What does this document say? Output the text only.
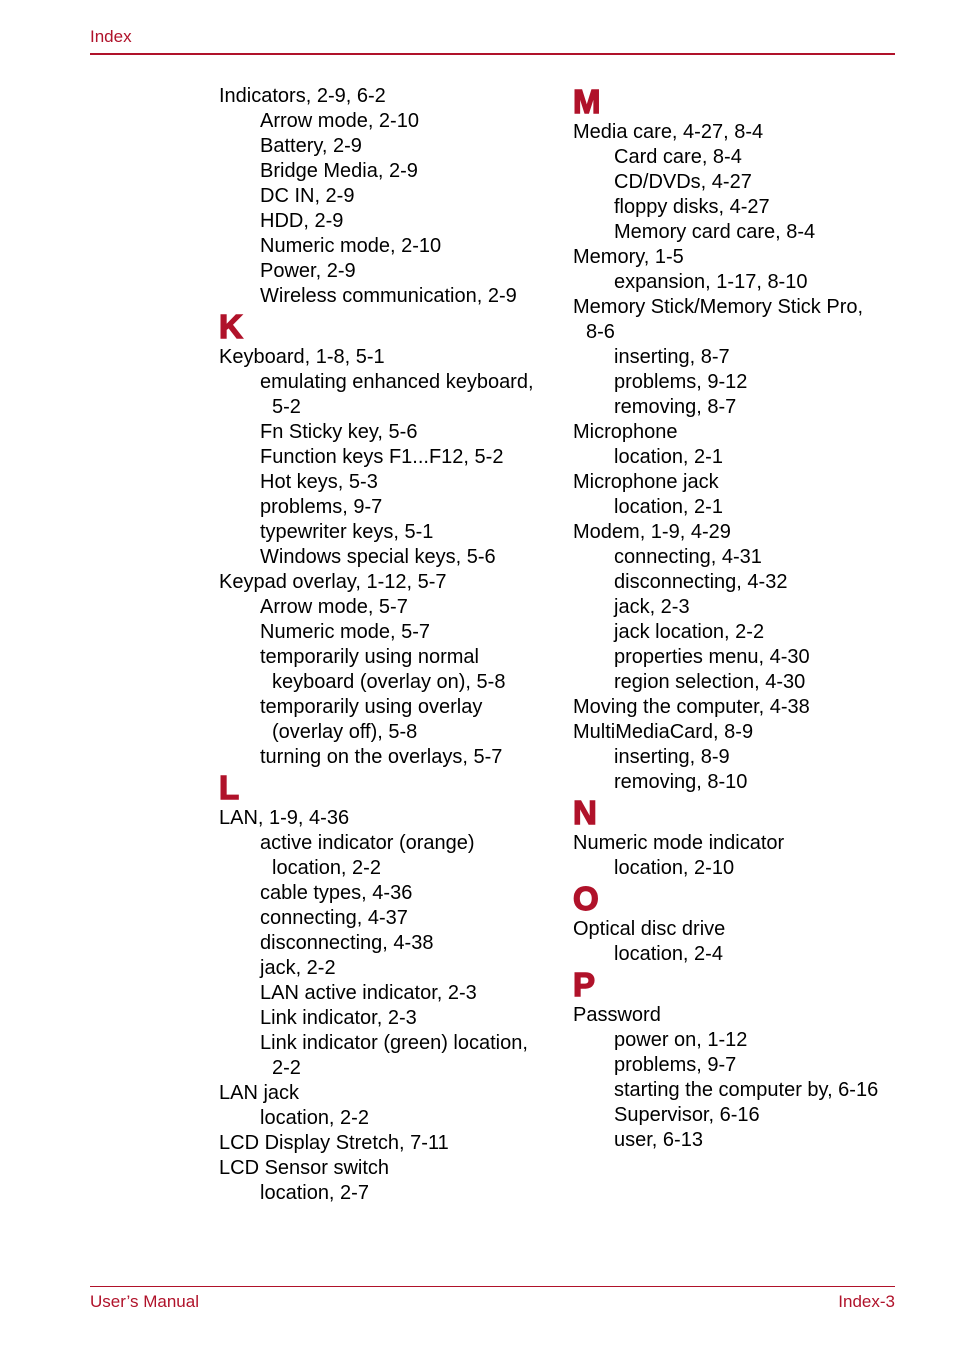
Index
Indicators, 2-9, 6-2
Arrow mode, 2-10
Battery, 2-9
Bridge Media, 2-9
DC IN, 2-9
HDD, 2-9
Numeric mode, 2-10
Power, 2-9
Wireless communication, 2-9
K
Keyboard, 1-8, 5-1
emulating enhanced keyboard,
5-2
Fn Sticky key, 5-6
Function keys F1...F12, 5-2
Hot keys, 5-3
problems, 9-7
typewriter keys, 5-1
Windows special keys, 5-6
Keypad overlay, 1-12, 5-7
Arrow mode, 5-7
Numeric mode, 5-7
temporarily using normal
keyboard (overlay on), 5-8
temporarily using overlay
(overlay off), 5-8
turning on the overlays, 5-7
L
LAN, 1-9, 4-36
active indicator (orange)
location, 2-2
cable types, 4-36
connecting, 4-37
disconnecting, 4-38
jack, 2-2
LAN active indicator, 2-3
Link indicator, 2-3
Link indicator (green) location,
2-2
LAN jack
location, 2-2
LCD Display Stretch, 7-11
LCD Sensor switch
location, 2-7
M
Media care, 4-27, 8-4
Card care, 8-4
CD/DVDs, 4-27
floppy disks, 4-27
Memory card care, 8-4
Memory, 1-5
expansion, 1-17, 8-10
Memory Stick/Memory Stick Pro,
8-6
inserting, 8-7
problems, 9-12
removing, 8-7
Microphone
location, 2-1
Microphone jack
location, 2-1
Modem, 1-9, 4-29
connecting, 4-31
disconnecting, 4-32
jack, 2-3
jack location, 2-2
properties menu, 4-30
region selection, 4-30
Moving the computer, 4-38
MultiMediaCard, 8-9
inserting, 8-9
removing, 8-10
N
Numeric mode indicator
location, 2-10
O
Optical disc drive
location, 2-4
P
Password
power on, 1-12
problems, 9-7
starting the computer by, 6-16
Supervisor, 6-16
user, 6-13
User’s Manual	Index-3
